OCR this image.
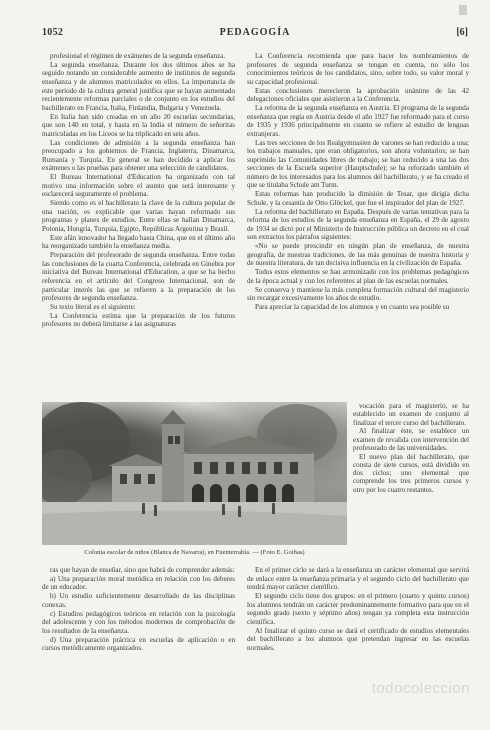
1052	PEDAGOGÍA	[6]

profesional el régimen de exámenes de la segunda enseñanza.

La segunda enseñanza. Durante los dos últimos años se ha seguido notando un considerable aumento de institutos de segunda enseñanza y de alumnos matriculados en ellos. La importancia de este período de la cultura general justifica que se hayan aumentado recientemente reformas parciales o de conjunto en los estudios del bachillerato en Francia, Italia, Finlandia, Bulgaria y Venezuela.

En Italia han sido creadas en un año 20 escuelas secundarias, que son 140 en total, y hasta en la India el número de señoritas matriculadas en los Liceos se ha triplicado en seis años.

Las condiciones de admisión a la segunda enseñanza han preocupado a los gobiernos de Francia, Inglaterra, Dinamarca, Rumanía y Turquía. En general se han decidido a aplicar los exámenes o las pruebas para obtener una selección de candidatos.

El Bureau International d'Education ha organizado con tal motivo una información sobre el asunto que será interesante y esclarecerá seguramente el problema.

Siendo como es el bachillerato la clave de la cultura popular de una nación, es explicable que varias hayan reformado sus programas y planes de estudios. Entre ellas se hallan Dinamarca, Polonia, Hungría, Turquía, Egipto, Repúblicas Argentina y Brasil.

Este afán innovador ha llegado hasta China, que en el último año ha reorganizado también la enseñanza media.

Preparación del profesorado de segunda enseñanza. Entre todas las conclusiones de la cuarta Conferencia, celebrada en Ginebra por iniciativa del Bureau International d'Education, a que se ha hecho referencia en el artículo del Congreso Internacional, son de particular interés las que se refieren a la preparación de los profesores de segunda enseñanza.

Su texto literal es el siguiente:

La Conferencia estima que la preparación de los futuros profesores no deberá limitarse a las asignaturas

La Conferencia recomienda que para hacer los nombramientos de profesores de segunda enseñanza se tengan en cuenta, no sólo los conocimientos teóricos de los candidatos, sino, sobre todo, su valor moral y su capacidad profesional.

Estas conclusiones merecieron la aprobación unánime de las 42 delegaciones oficiales que asistieron a la Conferencia.

La reforma de la segunda enseñanza en Austria. El programa de la segunda enseñanza que regía en Austria desde el año 1927 fue reformado para el curso de 1935 y 1936 principalmente en cuanto se refiere al estudio de lenguas extranjeras.

Las tres secciones de los Realgymnasien de varones se han reducido a una; los trabajos manuales, que eran obligatorios, son ahora voluntarios; se han suprimido las Comunidades libres de trabajo; se han reducido a una las dos secciones de la Escuela superior (Hauptschule); se ha reforzado también el número de los interesados para los alumnos del bachillerato, y se ha creado el que se titulaba Schule am Turm.

Estas reformas han producido la dimisión de Tesar, que dirigía dicha Schule, y la cesantía de Otto Glöckel, que fue el inspirador del plan de 1927.

La reforma del bachillerato en España. Después de varias tentativas para la reforma de los estudios de la segunda enseñanza en España, el 29 de agosto de 1934 se dictó por el Ministerio de Instrucción pública un decreto en el cual son extractos los párrafos siguientes:

«No se puede prescindir en ningún plan de enseñanza, de nuestra geografía, de nuestras tradiciones, de las más genuinas de nuestra historia y de nuestra literatura, de tan decisiva influencia en la civilización de España.

Todos estos elementos se han armonizado con los problemas pedagógicos de la época actual y con los referentes al plan de las escuelas normales.

Se conserva y mantiene la más completa formación cultural del magisterio sin recargar excesivamente los años de estudio.

Para apreciar la capacidad de los alumnos y en cuanto sea posible su

Colonia escolar de niños (Blanca de Navarra), en Fuenterrabía. — (Foto E. Goiñas)

vocación para el magisterio, se ha establecido un examen de conjunto al finalizar el tercer curso del bachillerato.

Al finalizar éste, se establece un examen de revalida con intervención del profesorado de las universidades.

El nuevo plan del bachillerato, que consta de siete cursos, está dividido en dos ciclos; uno elemental que comprende los tres primeros cursos y otro por los cuatro restantes.

ras que hayan de enseñar, sino que habrá de comprender además:

a) Una preparación moral metódica en relación con los deberes de un educador.

b) Un estudio suficientemente desarrollado de las disciplinas conexas.

c) Estudios pedagógicos teóricos en relación con la psicología del adolescente y con los métodos modernos de comprobación de los resultados de la enseñanza.

d) Una preparación práctica en escuelas de aplicación o en cursos metódicamente organizados.

En el primer ciclo se dará a la enseñanza un carácter elemental que servirá de enlace entre la enseñanza primaria y el segundo ciclo del bachillerato que tendrá mayor carácter científico.

El segundo ciclo tiene dos grupos: en el primero (cuarto y quinto cursos) los alumnos tendrán un carácter predominantemente formativo para que en el segundo grado (sexto y séptimo años) tengan ya completa esta instrucción científica.

Al finalizar el quinto curso se dará el certificado de estudios elementales del bachillerato a los alumnos que pretendan ingresar en las escuelas normales.

todocoleccion
